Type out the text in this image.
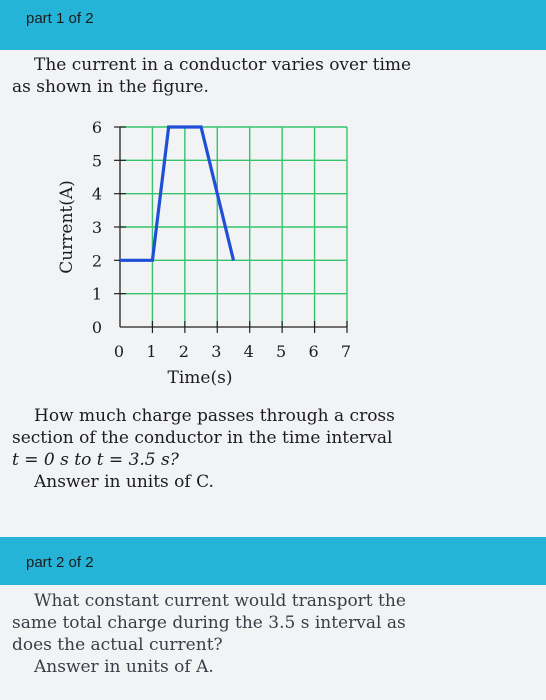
part 1 of 2
The current in a conductor varies over time
as shown in the figure.
0
1
2
3
4
5
6
0 1 2 3 4 5 6 7
Time(s)
Current(A)
How much charge passes through a cross
section of the conductor in the time interval
t = 0 s to t = 3.5 s?
Answer in units of C.
part 2 of 2
What constant current would transport the
same total charge during the 3.5 s interval as
does the actual current?
Answer in units of A.
